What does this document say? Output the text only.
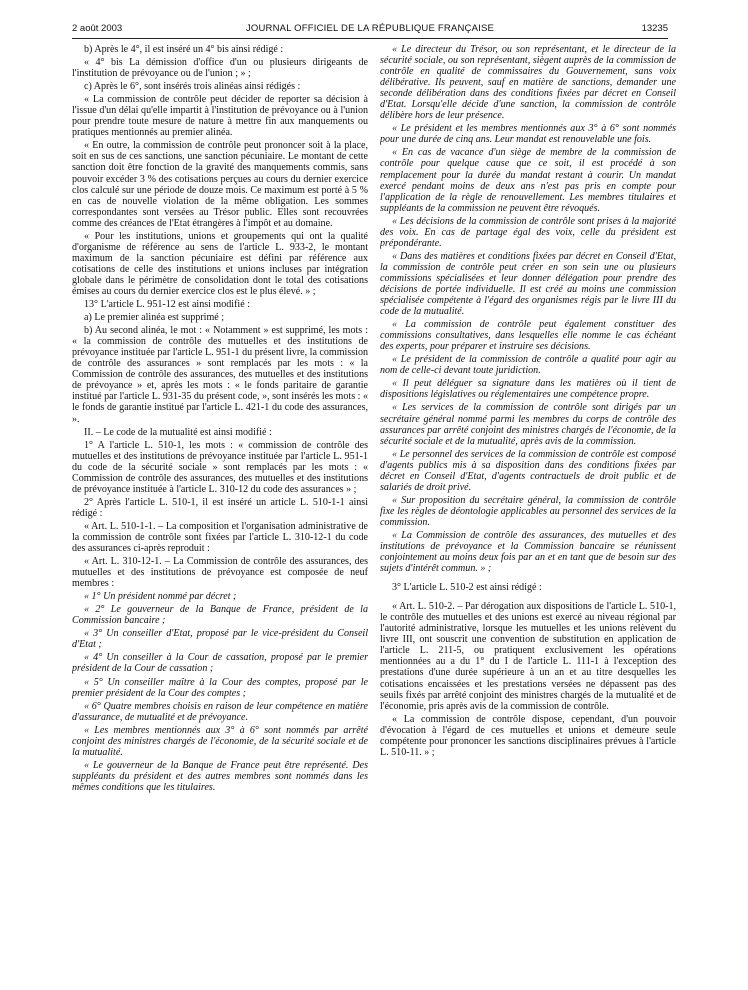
2 août 2003	JOURNAL OFFICIEL DE LA RÉPUBLIQUE FRANÇAISE	13235

b) Après le 4°, il est inséré un 4° bis ainsi rédigé :

« 4° bis La démission d'office d'un ou plusieurs dirigeants de l'institution de prévoyance ou de l'union ; » ;

c) Après le 6°, sont insérés trois alinéas ainsi rédigés :

« La commission de contrôle peut décider de reporter sa décision à l'issue d'un délai qu'elle impartit à l'institution de prévoyance ou à l'union pour prendre toute mesure de nature à mettre fin aux manquements ou pratiques mentionnés au premier alinéa.

« En outre, la commission de contrôle peut prononcer soit à la place, soit en sus de ces sanctions, une sanction pécuniaire. Le montant de cette sanction doit être fonction de la gravité des manquements commis, sans pouvoir excéder 3 % des cotisations perçues au cours du dernier exercice clos calculé sur une période de douze mois. Ce maximum est porté à 5 % en cas de nouvelle violation de la même obligation. Les sommes correspondantes sont versées au Trésor public. Elles sont recouvrées comme des créances de l'Etat étrangères à l'impôt et au domaine.

« Pour les institutions, unions et groupements qui ont la qualité d'organisme de référence au sens de l'article L. 933-2, le montant maximum de la sanction pécuniaire est défini par référence aux cotisations de celle des institutions et unions incluses par intégration globale dans le périmètre de consolidation dont le total des cotisations émises au cours du dernier exercice clos est le plus élevé. » ;

13° L'article L. 951-12 est ainsi modifié :

a) Le premier alinéa est supprimé ;

b) Au second alinéa, le mot : « Notamment » est supprimé, les mots : « la commission de contrôle des mutuelles et des institutions de prévoyance instituée par l'article L. 951-1 du présent livre, la commission de contrôle des assurances » sont remplacés par les mots : « la Commission de contrôle des assurances, des mutuelles et des institutions de prévoyance » et, après les mots : « le fonds paritaire de garantie institué par l'article L. 931-35 du présent code, », sont insérés les mots : « le fonds de garantie institué par l'article L. 421-1 du code des assurances, ».

II. – Le code de la mutualité est ainsi modifié :

1° A l'article L. 510-1, les mots : « commission de contrôle des mutuelles et des institutions de prévoyance instituée par l'article L. 951-1 du code de la sécurité sociale » sont remplacés par les mots : « Commission de contrôle des assurances, des mutuelles et des institutions de prévoyance instituée à l'article L. 310-12 du code des assurances » ;

2° Après l'article L. 510-1, il est inséré un article L. 510-1-1 ainsi rédigé :

« Art. L. 510-1-1. – La composition et l'organisation administrative de la commission de contrôle sont fixées par l'article L. 310-12-1 du code des assurances ci-après reproduit :

« Art. L. 310-12-1. – La Commission de contrôle des assurances, des mutuelles et des institutions de prévoyance est composée de neuf membres :

« 1° Un président nommé par décret ;

« 2° Le gouverneur de la Banque de France, président de la Commission bancaire ;

« 3° Un conseiller d'Etat, proposé par le vice-président du Conseil d'Etat ;

« 4° Un conseiller à la Cour de cassation, proposé par le premier président de la Cour de cassation ;

« 5° Un conseiller maître à la Cour des comptes, proposé par le premier président de la Cour des comptes ;

« 6° Quatre membres choisis en raison de leur compétence en matière d'assurance, de mutualité et de prévoyance.

« Les membres mentionnés aux 3° à 6° sont nommés par arrêté conjoint des ministres chargés de l'économie, de la sécurité sociale et de la mutualité.

« Le gouverneur de la Banque de France peut être représenté. Des suppléants du président et des autres membres sont nommés dans les mêmes conditions que les titulaires.

« Le directeur du Trésor, ou son représentant, et le directeur de la sécurité sociale, ou son représentant, siègent auprès de la commission de contrôle en qualité de commissaires du Gouvernement, sans voix délibérative. Ils peuvent, sauf en matière de sanctions, demander une seconde délibération dans des conditions fixées par décret en Conseil d'Etat. Lorsqu'elle décide d'une sanction, la commission de contrôle délibère hors de leur présence.

« Le président et les membres mentionnés aux 3° à 6° sont nommés pour une durée de cinq ans. Leur mandat est renouvelable une fois.

« En cas de vacance d'un siège de membre de la commission de contrôle pour quelque cause que ce soit, il est procédé à son remplacement pour la durée du mandat restant à courir. Un mandat exercé pendant moins de deux ans n'est pas pris en compte pour l'application de la règle de renouvellement. Les membres titulaires et suppléants de la commission ne peuvent être révoqués.

« Les décisions de la commission de contrôle sont prises à la majorité des voix. En cas de partage égal des voix, celle du président est prépondérante.

« Dans des matières et conditions fixées par décret en Conseil d'Etat, la commission de contrôle peut créer en son sein une ou plusieurs commissions spécialisées et leur donner délégation pour prendre des décisions de portée individuelle. Il est créé au moins une commission spécialisée compétente à l'égard des organismes régis par le livre III du code de la mutualité.

« La commission de contrôle peut également constituer des commissions consultatives, dans lesquelles elle nomme le cas échéant des experts, pour préparer et instruire ses décisions.

« Le président de la commission de contrôle a qualité pour agir au nom de celle-ci devant toute juridiction.

« Il peut déléguer sa signature dans les matières où il tient de dispositions législatives ou réglementaires une compétence propre.

« Les services de la commission de contrôle sont dirigés par un secrétaire général nommé parmi les membres du corps de contrôle des assurances par arrêté conjoint des ministres chargés de l'économie, de la sécurité sociale et de la mutualité, après avis de la commission.

« Le personnel des services de la commission de contrôle est composé d'agents publics mis à sa disposition dans des conditions fixées par décret en Conseil d'Etat, d'agents contractuels de droit public et de salariés de droit privé.

« Sur proposition du secrétaire général, la commission de contrôle fixe les règles de déontologie applicables au personnel des services de la commission.

« La Commission de contrôle des assurances, des mutuelles et des institutions de prévoyance et la Commission bancaire se réunissent conjointement au moins deux fois par an et en tant que de besoin sur des sujets d'intérêt commun. » ;

3° L'article L. 510-2 est ainsi rédigé :

« Art. L. 510-2. – Par dérogation aux dispositions de l'article L. 510-1, le contrôle des mutuelles et des unions est exercé au niveau régional par l'autorité administrative, lorsque les mutuelles et les unions relèvent du livre III, ont souscrit une convention de substitution en application de l'article L. 211-5, ou pratiquent exclusivement les opérations mentionnées au a du 1° du I de l'article L. 111-1 à l'exception des prestations d'une durée supérieure à un an et au titre desquelles les cotisations encaissées et les prestations versées ne dépassent pas des seuils fixés par arrêté conjoint des ministres chargés de la mutualité et de l'économie, pris après avis de la commission de contrôle.

« La commission de contrôle dispose, cependant, d'un pouvoir d'évocation à l'égard de ces mutuelles et unions et demeure seule compétente pour prononcer les sanctions disciplinaires prévues à l'article L. 510-11. » ;
